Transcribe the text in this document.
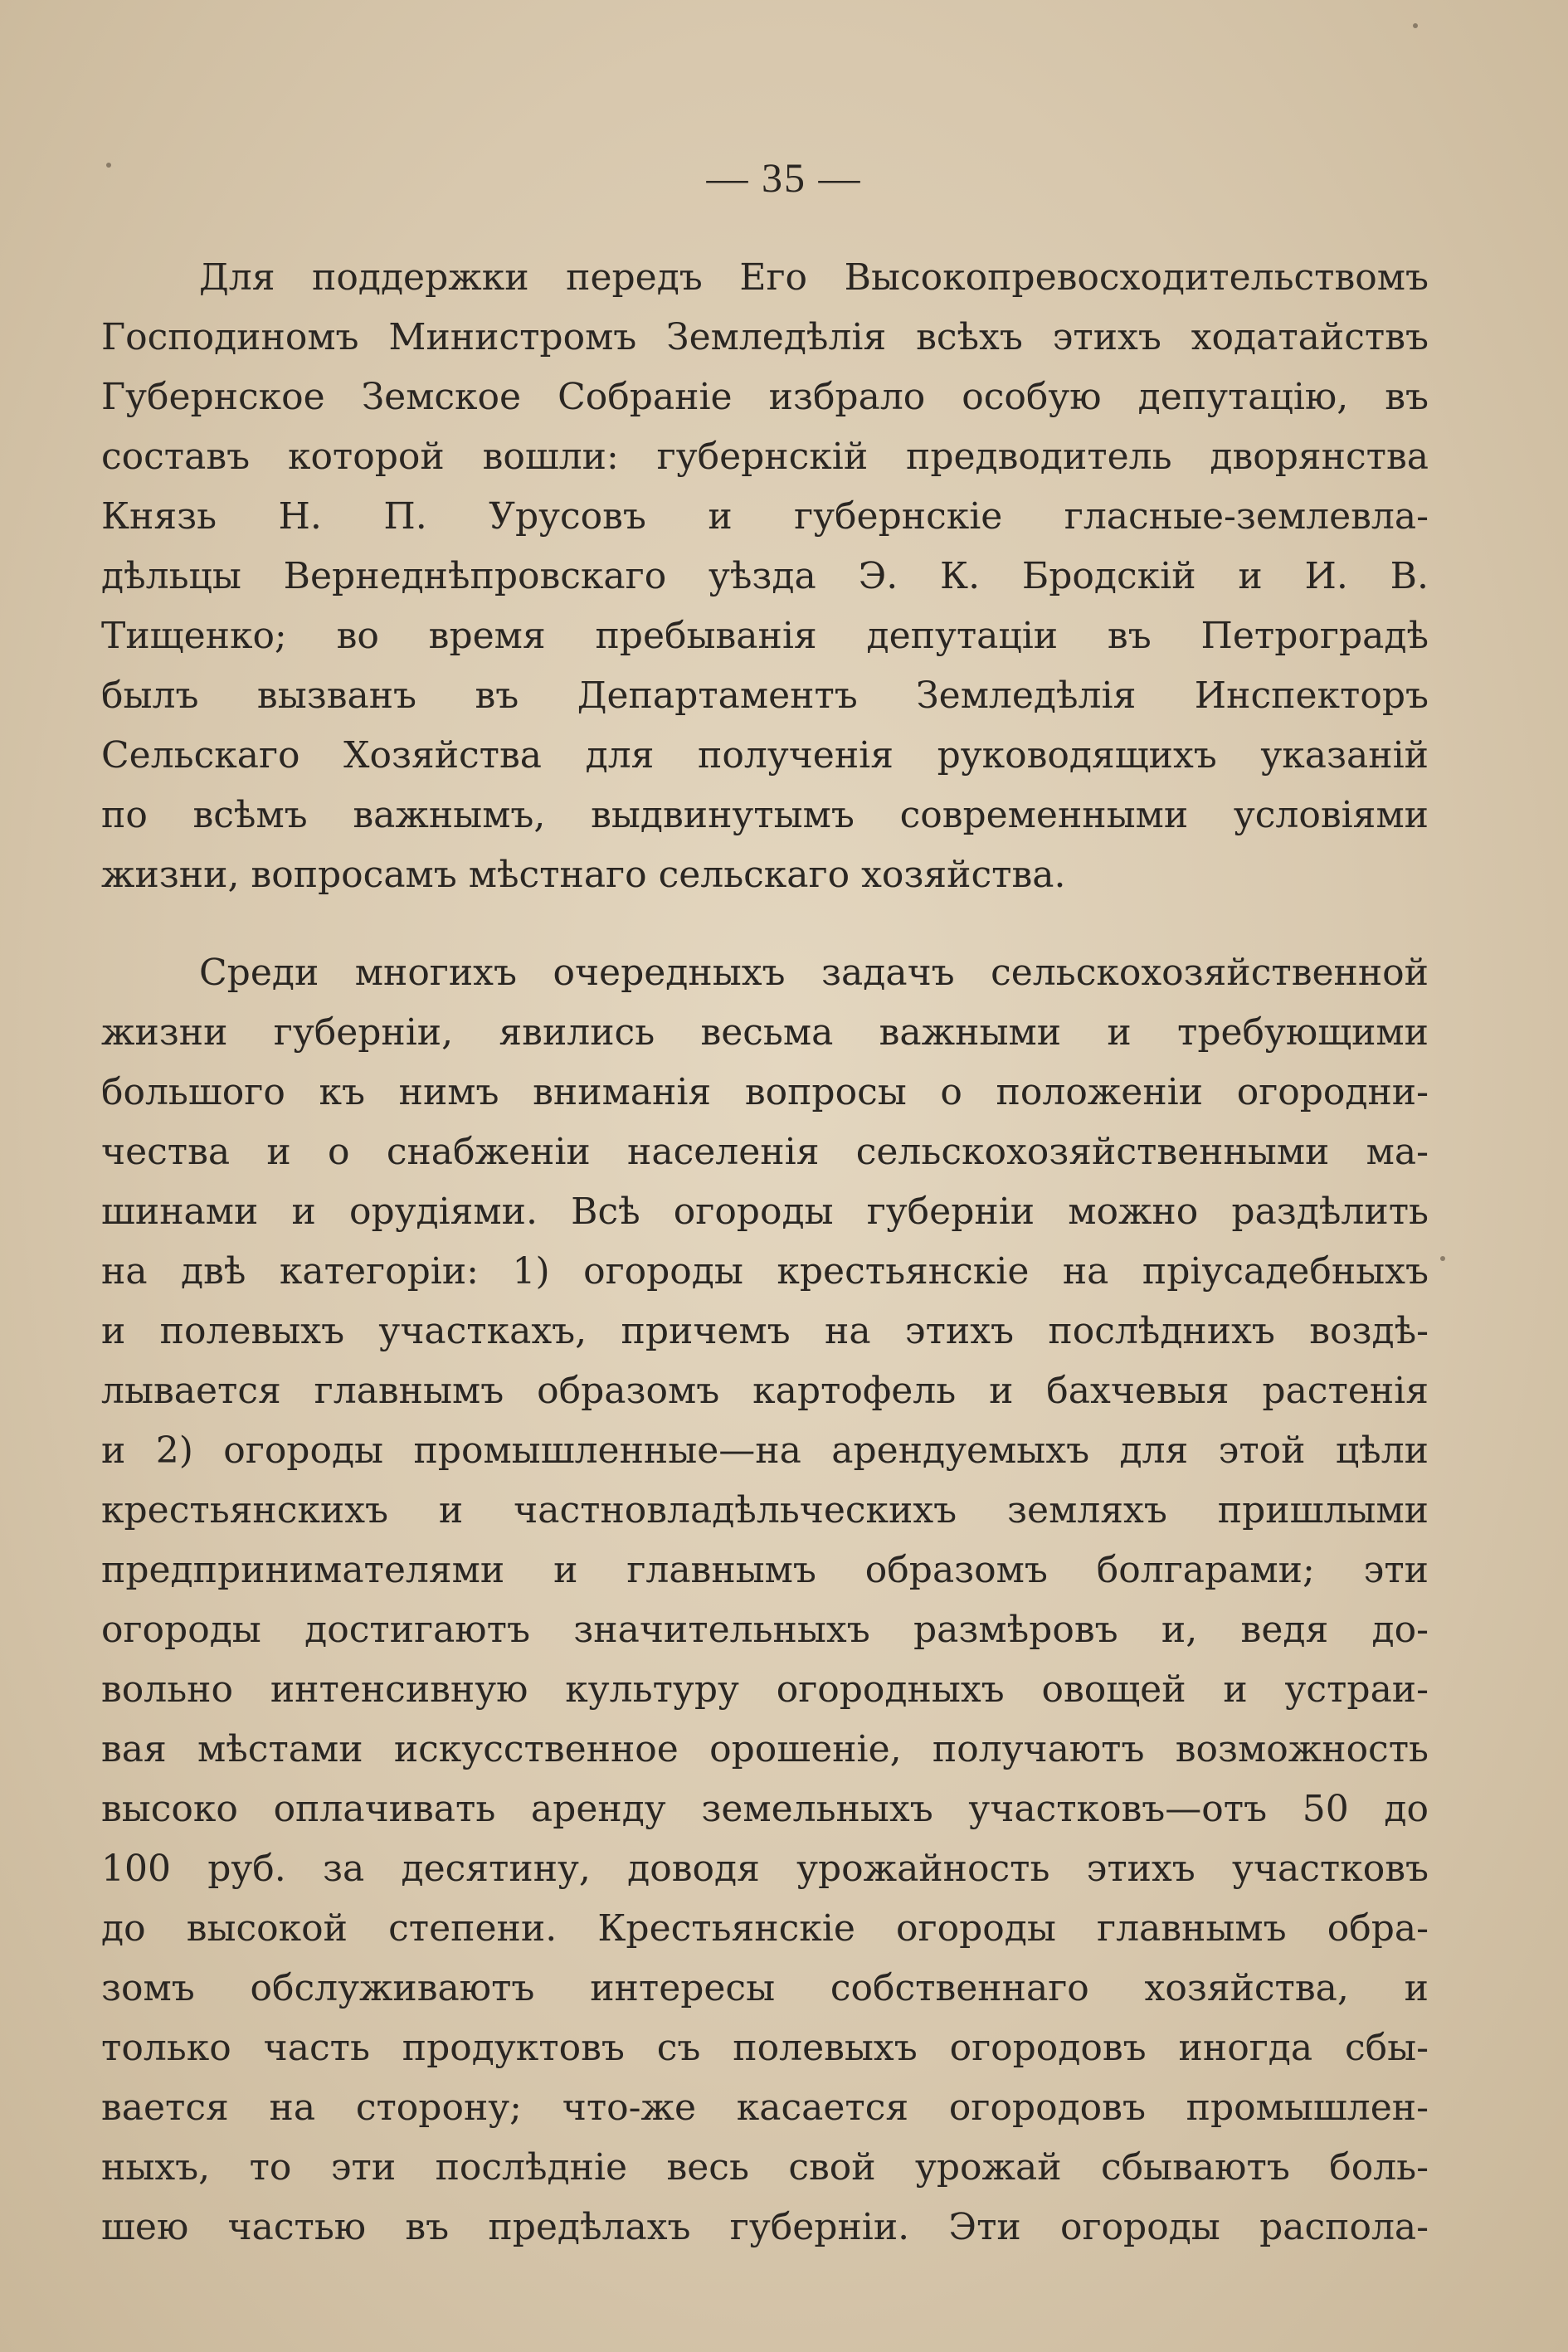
— 35 —
Для поддержки передъ Его Высокопревосходительствомъ
Господиномъ Министромъ Земледѣлія всѣхъ этихъ ходатайствъ
Губернское Земское Собраніе избрало особую депутацію, въ
составъ которой вошли: губернскій предводитель дворянства
Князь Н. П. Урусовъ и губернскіе гласные-землевла-
дѣльцы Вернеднѣпровскаго уѣзда Э. К. Бродскій и И. В.
Тищенко; во время пребыванія депутаціи въ Петроградѣ
былъ вызванъ въ Департаментъ Земледѣлія Инспекторъ
Сельскаго Хозяйства для полученія руководящихъ указаній
по всѣмъ важнымъ, выдвинутымъ современными условіями
жизни, вопросамъ мѣстнаго сельскаго хозяйства.
Среди многихъ очередныхъ задачъ сельскохозяйственной
жизни губерніи, явились весьма важными и требующими
большого къ нимъ вниманія вопросы о положеніи огородни-
чества и о снабженіи населенія сельскохозяйственными ма-
шинами и орудіями. Всѣ огороды губерніи можно раздѣлить
на двѣ категоріи: 1) огороды крестьянскіе на пріусадебныхъ
и полевыхъ участкахъ, причемъ на этихъ послѣднихъ воздѣ-
лывается главнымъ образомъ картофель и бахчевыя растенія
и 2) огороды промышленные—на арендуемыхъ для этой цѣли
крестьянскихъ и частновладѣльческихъ земляхъ пришлыми
предпринимателями и главнымъ образомъ болгарами; эти
огороды достигаютъ значительныхъ размѣровъ и, ведя до-
вольно интенсивную культуру огородныхъ овощей и устраи-
вая мѣстами искусственное орошеніе, получаютъ возможность
высоко оплачивать аренду земельныхъ участковъ—отъ 50 до
100 руб. за десятину, доводя урожайность этихъ участковъ
до высокой степени. Крестьянскіе огороды главнымъ обра-
зомъ обслуживаютъ интересы собственнаго хозяйства, и
только часть продуктовъ съ полевыхъ огородовъ иногда сбы-
вается на сторону; что-же касается огородовъ промышлен-
ныхъ, то эти послѣдніе весь свой урожай сбываютъ боль-
шею частью въ предѣлахъ губерніи. Эти огороды распола-
